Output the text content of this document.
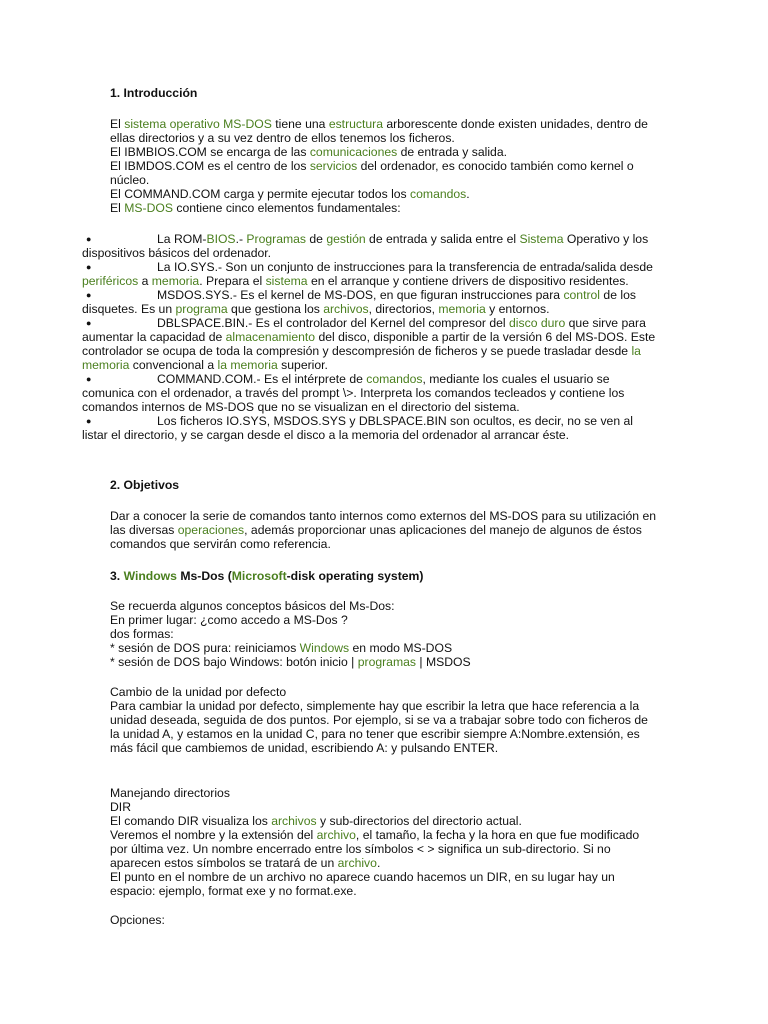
1. Introducción

El sistema operativo MS-DOS tiene una estructura arborescente donde existen unidades, dentro de ellas directorios y a su vez dentro de ellos tenemos los ficheros.

El IBMBIOS.COM se encarga de las comunicaciones de entrada y salida.

El IBMDOS.COM es el centro de los servicios del ordenador, es conocido también como kernel o núcleo.

El COMMAND.COM carga y permite ejecutar todos los comandos.

El MS-DOS contiene cinco elementos fundamentales:

●	La ROM-BIOS.- Programas de gestión de entrada y salida entre el Sistema Operativo y los dispositivos básicos del ordenador.
●	La IO.SYS.- Son un conjunto de instrucciones para la transferencia de entrada/salida desde periféricos a memoria. Prepara el sistema en el arranque y contiene drivers de dispositivo residentes.
●	MSDOS.SYS.- Es el kernel de MS-DOS, en que figuran instrucciones para control de los disquetes. Es un programa que gestiona los archivos, directorios, memoria y entornos.
●	DBLSPACE.BIN.- Es el controlador del Kernel del compresor del disco duro que sirve para aumentar la capacidad de almacenamiento del disco, disponible a partir de la versión 6 del MS-DOS. Este controlador se ocupa de toda la compresión y descompresión de ficheros y se puede trasladar desde la memoria convencional a la memoria superior.
●	COMMAND.COM.- Es el intérprete de comandos, mediante los cuales el usuario se comunica con el ordenador, a través del prompt \>. Interpreta los comandos tecleados y contiene los comandos internos de MS-DOS que no se visualizan en el directorio del sistema.
●	Los ficheros IO.SYS, MSDOS.SYS y DBLSPACE.BIN son ocultos, es decir, no se ven al listar el directorio, y se cargan desde el disco a la memoria del ordenador al arrancar éste.
2. Objetivos

Dar a conocer la serie de comandos tanto internos como externos del MS-DOS para su utilización en las diversas operaciones, además proporcionar unas aplicaciones del manejo de algunos de éstos comandos que servirán como referencia.

3. Windows Ms-Dos (Microsoft-disk operating system)

Se recuerda algunos conceptos básicos del Ms-Dos:

En primer lugar: ¿como accedo a MS-Dos ?

dos formas:

* sesión de DOS pura: reiniciamos Windows en modo MS-DOS

* sesión de DOS bajo Windows: botón inicio | programas | MSDOS

Cambio de la unidad por defecto

Para cambiar la unidad por defecto, simplemente hay que escribir la letra que hace referencia a la unidad deseada, seguida de dos puntos. Por ejemplo, si se va a trabajar sobre todo con ficheros de la unidad A, y estamos en la unidad C, para no tener que escribir siempre A:Nombre.extensión, es más fácil que cambiemos de unidad, escribiendo A: y pulsando ENTER.

Manejando directorios

DIR

El comando DIR visualiza los archivos y sub-directorios del directorio actual.

Veremos el nombre y la extensión del archivo, el tamaño, la fecha y la hora en que fue modificado por última vez. Un nombre encerrado entre los símbolos < > significa un sub-directorio. Si no aparecen estos símbolos se tratará de un archivo.

El punto en el nombre de un archivo no aparece cuando hacemos un DIR, en su lugar hay un espacio: ejemplo, format exe y no format.exe.

Opciones:
